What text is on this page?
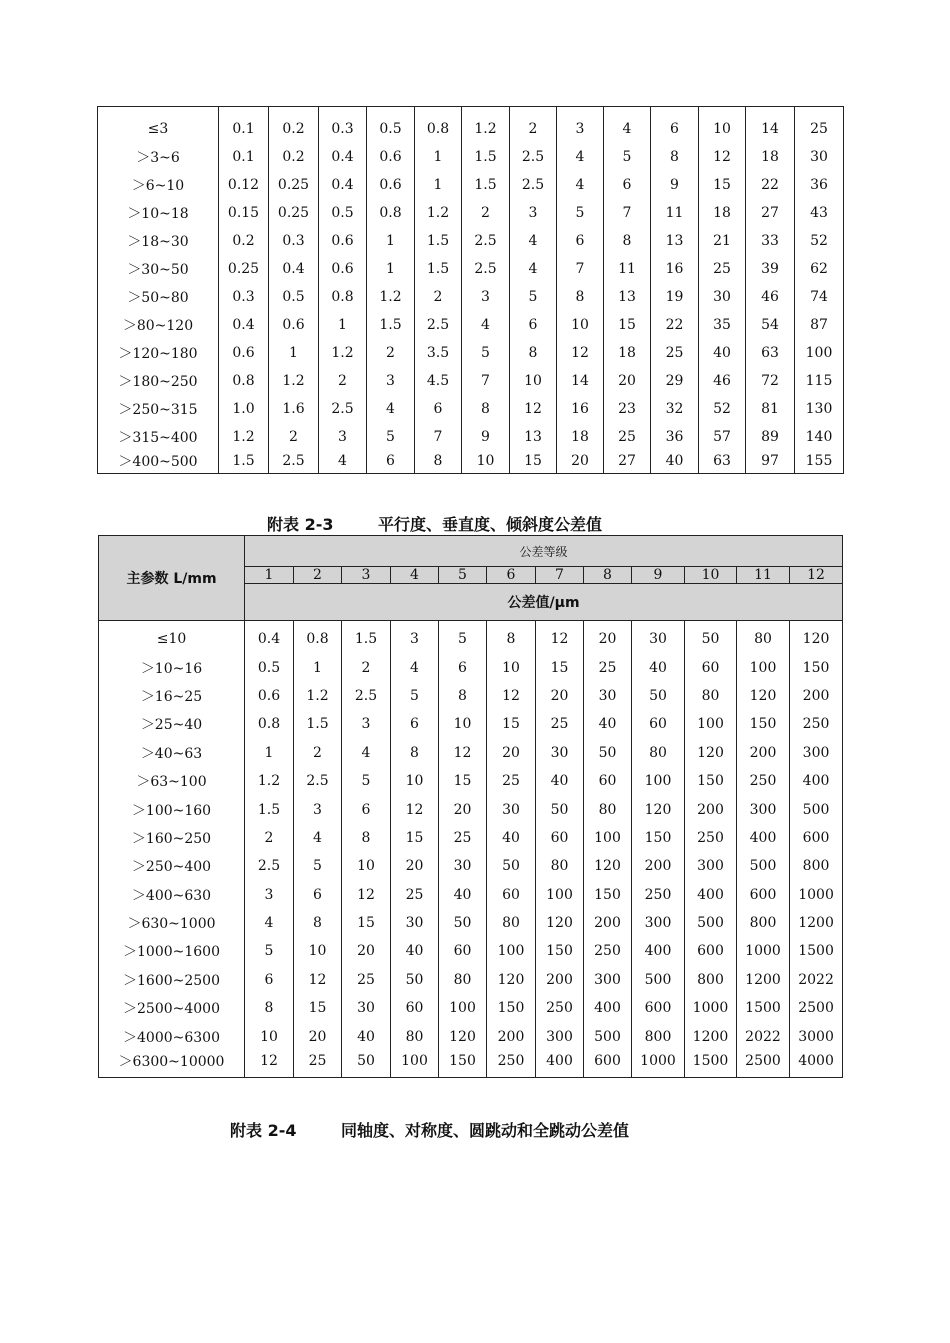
≤3	0.1	0.2	0.3	0.5	0.8	1.2	2	3	4	6	10	14	25
＞3~6	0.1	0.2	0.4	0.6	1	1.5	2.5	4	5	8	12	18	30
＞6~10	0.12	0.25	0.4	0.6	1	1.5	2.5	4	6	9	15	22	36
＞10~18	0.15	0.25	0.5	0.8	1.2	2	3	5	7	11	18	27	43
＞18~30	0.2	0.3	0.6	1	1.5	2.5	4	6	8	13	21	33	52
＞30~50	0.25	0.4	0.6	1	1.5	2.5	4	7	11	16	25	39	62
＞50~80	0.3	0.5	0.8	1.2	2	3	5	8	13	19	30	46	74
＞80~120	0.4	0.6	1	1.5	2.5	4	6	10	15	22	35	54	87
＞120~180	0.6	1	1.2	2	3.5	5	8	12	18	25	40	63	100
＞180~250	0.8	1.2	2	3	4.5	7	10	14	20	29	46	72	115
＞250~315	1.0	1.6	2.5	4	6	8	12	16	23	32	52	81	130
＞315~400	1.2	2	3	5	7	9	13	18	25	36	57	89	140
＞400~500	1.5	2.5	4	6	8	10	15	20	27	40	63	97	155
附表 2-3        平行度、垂直度、倾斜度公差值
主参数 L/mm	公差等级											
	1	2	3	4	5	6	7	8	9	10	11	12
	公差值/μm											
≤10	0.4	0.8	1.5	3	5	8	12	20	30	50	80	120
＞10~16	0.5	1	2	4	6	10	15	25	40	60	100	150
＞16~25	0.6	1.2	2.5	5	8	12	20	30	50	80	120	200
＞25~40	0.8	1.5	3	6	10	15	25	40	60	100	150	250
＞40~63	1	2	4	8	12	20	30	50	80	120	200	300
＞63~100	1.2	2.5	5	10	15	25	40	60	100	150	250	400
＞100~160	1.5	3	6	12	20	30	50	80	120	200	300	500
＞160~250	2	4	8	15	25	40	60	100	150	250	400	600
＞250~400	2.5	5	10	20	30	50	80	120	200	300	500	800
＞400~630	3	6	12	25	40	60	100	150	250	400	600	1000
＞630~1000	4	8	15	30	50	80	120	200	300	500	800	1200
＞1000~1600	5	10	20	40	60	100	150	250	400	600	1000	1500
＞1600~2500	6	12	25	50	80	120	200	300	500	800	1200	2022
＞2500~4000	8	15	30	60	100	150	250	400	600	1000	1500	2500
＞4000~6300	10	20	40	80	120	200	300	500	800	1200	2022	3000
＞6300~10000	12	25	50	100	150	250	400	600	1000	1500	2500	4000
附表 2-4        同轴度、对称度、圆跳动和全跳动公差值
